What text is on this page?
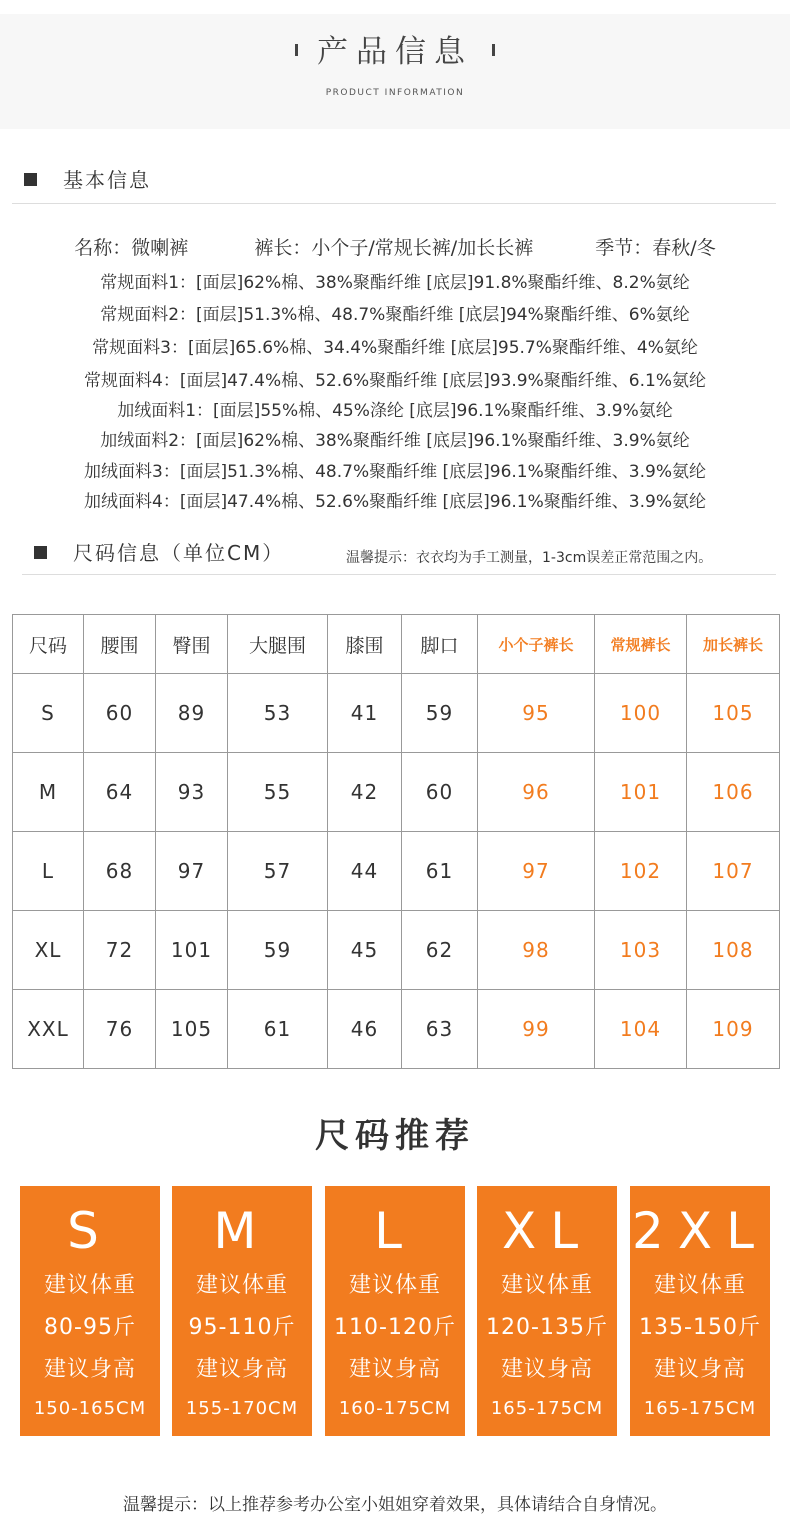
产品信息
PRODUCT INFORMATION
基本信息
名称：微喇裤	裤长：小个子/常规长裤/加长长裤	季节：春秋/冬
常规面料1：[面层]62%棉、38%聚酯纤维 [底层]91.8%聚酯纤维、8.2%氨纶
常规面料2：[面层]51.3%棉、48.7%聚酯纤维 [底层]94%聚酯纤维、6%氨纶
常规面料3：[面层]65.6%棉、34.4%聚酯纤维 [底层]95.7%聚酯纤维、4%氨纶
常规面料4：[面层]47.4%棉、52.6%聚酯纤维 [底层]93.9%聚酯纤维、6.1%氨纶
加绒面料1：[面层]55%棉、45%涤纶 [底层]96.1%聚酯纤维、3.9%氨纶
加绒面料2：[面层]62%棉、38%聚酯纤维 [底层]96.1%聚酯纤维、3.9%氨纶
加绒面料3：[面层]51.3%棉、48.7%聚酯纤维 [底层]96.1%聚酯纤维、3.9%氨纶
加绒面料4：[面层]47.4%棉、52.6%聚酯纤维 [底层]96.1%聚酯纤维、3.9%氨纶
尺码信息（单位CM）	温馨提示：衣衣均为手工测量，1-3cm误差正常范围之内。
尺码	腰围	臀围	大腿围	膝围	脚口	小个子裤长	常规裤长	加长裤长
S	60	89	53	41	59	95	100	105
M	64	93	55	42	60	96	101	106
L	68	97	57	44	61	97	102	107
XL	72	101	59	45	62	98	103	108
XXL	76	105	61	46	63	99	104	109
尺码推荐
S
建议体重
80-95斤
建议身高
150-165CM
M
建议体重
95-110斤
建议身高
155-170CM
L
建议体重
110-120斤
建议身高
160-175CM
XL
建议体重
120-135斤
建议身高
165-175CM
2XL
建议体重
135-150斤
建议身高
165-175CM
温馨提示：以上推荐参考办公室小姐姐穿着效果，具体请结合自身情况。
